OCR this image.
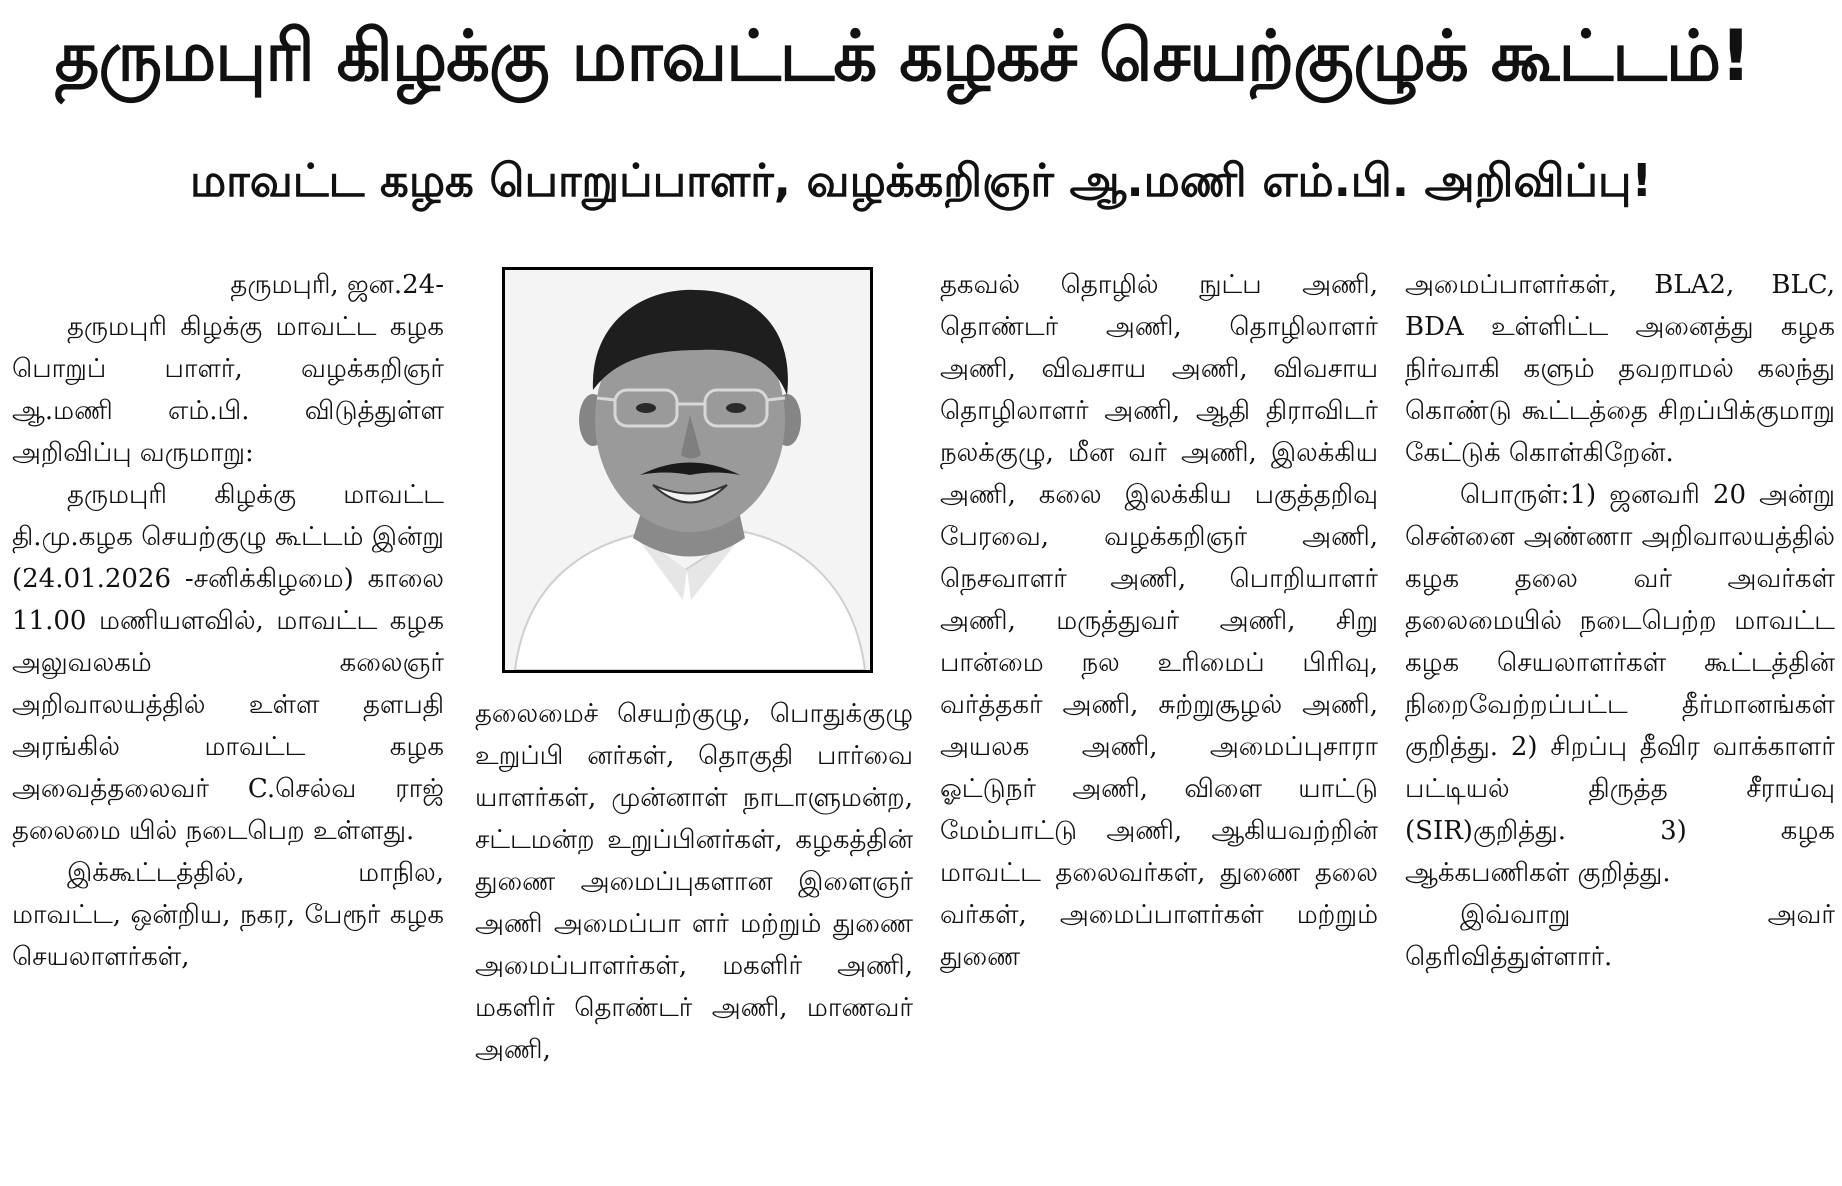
தருமபுரி கிழக்கு மாவட்டக் கழகச் செயற்குழுக் கூட்டம்!
மாவட்ட கழக பொறுப்பாளர், வழக்கறிஞர் ஆ.மணி எம்.பி. அறிவிப்பு!

தருமபுரி, ஜன.24-

தருமபுரி கிழக்கு மாவட்ட கழக பொறுப் பாளர், வழக்கறிஞர் ஆ.மணி எம்.பி. விடுத்துள்ள அறிவிப்பு வருமாறு:

தருமபுரி கிழக்கு மாவட்ட தி.மு.கழக செயற்குழு கூட்டம் இன்று (24.01.2026 -சனிக்கிழமை) காலை 11.00 மணியளவில், மாவட்ட கழக அலுவலகம் கலைஞர் அறிவாலயத்தில் உள்ள தளபதி அரங்கில் மாவட்ட கழக அவைத்தலைவர் C.செல்வ ராஜ் தலைமை யில் நடைபெற உள்ளது.

இக்கூட்டத்தில், மாநில, மாவட்ட, ஒன்றிய, நகர, பேரூர் கழக செயலாளர்கள்,

தலைமைச் செயற்குழு, பொதுக்குழு உறுப்பி னர்கள், தொகுதி பார்வை யாளர்கள், முன்னாள் நாடாளுமன்ற, சட்டமன்ற உறுப்பினர்கள், கழகத்தின் துணை அமைப்புகளான இளைஞர் அணி அமைப்பா ளர் மற்றும் துணை அமைப்பாளர்கள், மகளிர் அணி, மகளிர் தொண்டர் அணி, மாணவர் அணி,

தகவல் தொழில் நுட்ப அணி, தொண்டர் அணி, தொழிலாளர் அணி, விவசாய அணி, விவசாய தொழிலாளர் அணி, ஆதி திராவிடர் நலக்குழு, மீன வர் அணி, இலக்கிய அணி, கலை இலக்கிய பகுத்தறிவு பேரவை, வழக்கறிஞர் அணி, நெசவாளர் அணி, பொறியாளர் அணி, மருத்துவர் அணி, சிறு பான்மை நல உரிமைப் பிரிவு, வர்த்தகர் அணி, சுற்றுசூழல் அணி, அயலக அணி, அமைப்புசாரா ஓட்டுநர் அணி, விளை யாட்டு மேம்பாட்டு அணி, ஆகியவற்றின் மாவட்ட தலைவர்கள், துணை தலை வர்கள், அமைப்பாளர்கள் மற்றும் துணை

அமைப்பாளர்கள், BLA2, BLC, BDA உள்ளிட்ட அனைத்து கழக நிர்வாகி களும் தவறாமல் கலந்து கொண்டு கூட்டத்தை சிறப்பிக்குமாறு கேட்டுக் கொள்கிறேன்.

பொருள்:1) ஜனவரி 20 அன்று சென்னை அண்ணா அறிவாலயத்தில் கழக தலை வர் அவர்கள் தலைமையில் நடைபெற்ற மாவட்ட கழக செயலாளர்கள் கூட்டத்தின் நிறைவேற்றப்பட்ட தீர்மானங்கள் குறித்து. 2) சிறப்பு தீவிர வாக்காளர் பட்டியல் திருத்த சீராய்வு (SIR)குறித்து. 3) கழக ஆக்கபணிகள் குறித்து.

இவ்வாறு அவர் தெரிவித்துள்ளார்.
